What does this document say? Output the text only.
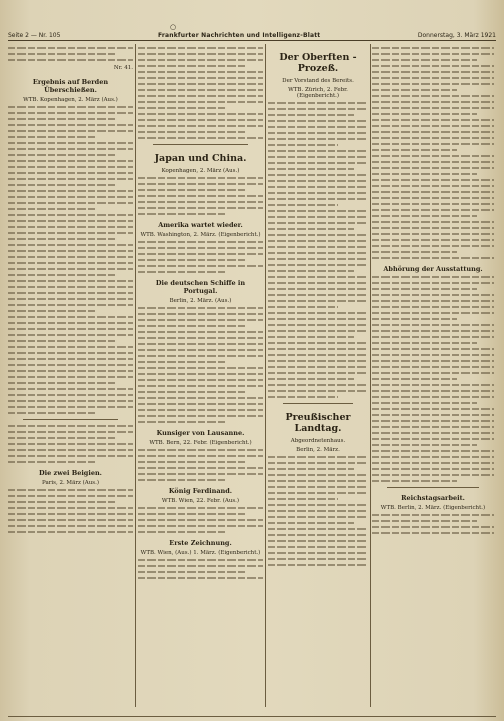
○
Seite 2 — Nr. 105	Frankfurter Nachrichten und Intelligenz-Blatt	Donnerstag, 3. März 1921
Nr. 41.
Ergebnis auf Berden Überschießen.
WTB. Kopenhagen, 2. März (Aus.)
Die zwei Beigien.
Paris, 2. März (Aus.)
Japan und China.
Kopenhagen, 2. März (Aus.)
Amerika wartet wieder.
WTB. Washington, 2. März. (Eigenbericht.)
Die deutschen Schiffe in Portugal.
Berlin, 2. März. (Aus.)
Kunsiger von Lausanne.
WTB. Bern, 22. Febr. (Eigenbericht.)
König Ferdinand.
WTB. Wien, 22. Febr. (Aus.)
Erste Zeichnung.
WTB. Wien, (Aus.) 1. März. (Eigenbericht.)
Der Oberften - Prozeß.
Der Vorstand des Bereits.
WTB. Zürich, 2. Febr. (Eigenbericht.)
Preußischer Landtag.
Abgeordnetenhaus.
Berlin, 2. März.
Abhörung der Ausstattung.
Reichstagsarbeit.
WTB. Berlin, 2. März. (Eigenbericht.)
